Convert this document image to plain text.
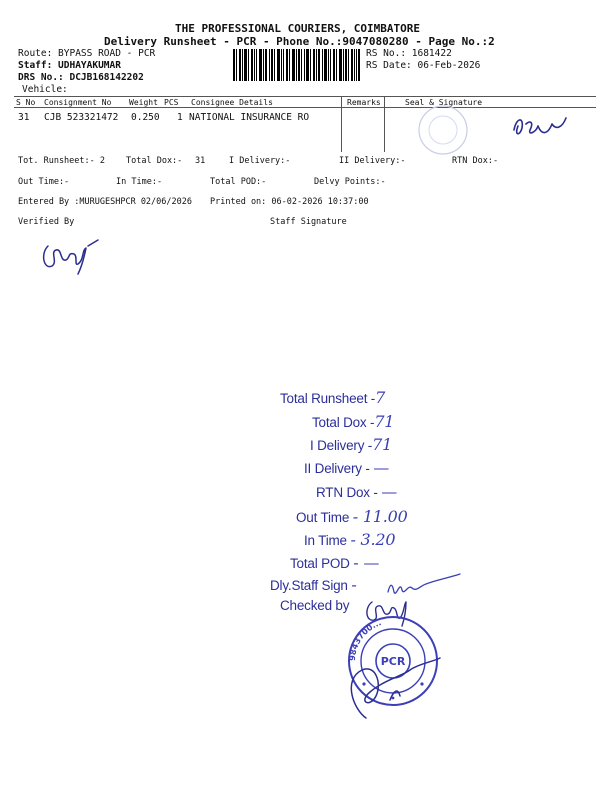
THE PROFESSIONAL COURIERS, COIMBATORE
Delivery Runsheet - PCR - Phone No.:9047080280 - Page No.:2
Route: BYPASS ROAD - PCR
Staff: UDHAYAKUMAR
DRS No.: DCJB168142202
Vehicle:
RS No.: 1681422
RS Date: 06-Feb-2026
S No Consignment No Weight PCS Consignee Details	Remarks	Seal & Signature
31 CJB 523321472 0.250 1 NATIONAL INSURANCE RO
Tot. Runsheet:- 2 Total Dox:- 31	I Delivery:-	II Delivery:-	RTN Dox:-
Out Time:-	In Time:-	Total POD:-	Delvy Points:-
Entered By :MURUGESHPCR 02/06/2026 Printed on: 06-02-2026 10:37:00
Verified By	Staff Signature
Total Runsheet -7
Total Dox -71
I Delivery -71
II Delivery - —
RTN Dox - —
Out Time - 11.00
In Time - 3.20
Total POD - —
Dly.Staff Sign -
Checked by
PCR
9843700...
